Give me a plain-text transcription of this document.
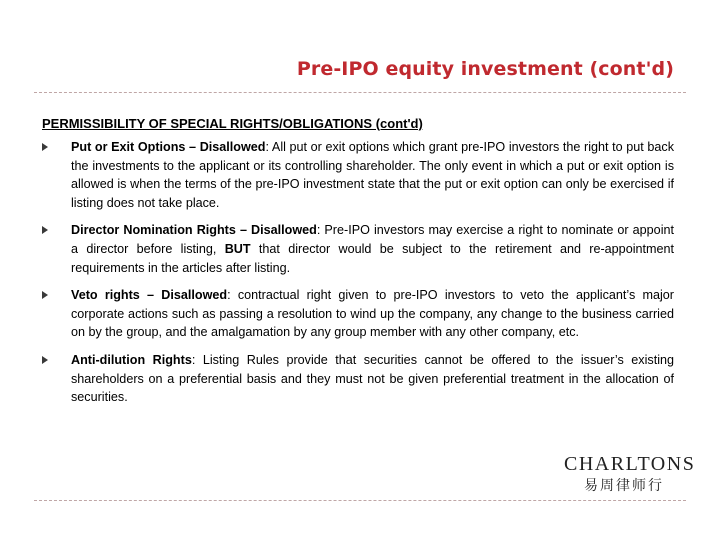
Pre-IPO equity investment (cont'd)
PERMISSIBILITY OF SPECIAL RIGHTS/OBLIGATIONS (cont'd)
Put or Exit Options – Disallowed: All put or exit options which grant pre-IPO investors the right to put back the investments to the applicant or its controlling shareholder. The only event in which a put or exit option is allowed is when the terms of the pre-IPO investment state that the put or exit option can only be exercised if listing does not take place.
Director Nomination Rights – Disallowed: Pre-IPO investors may exercise a right to nominate or appoint a director before listing, BUT that director would be subject to the retirement and re-appointment requirements in the articles after listing.
Veto rights – Disallowed: contractual right given to pre-IPO investors to veto the applicant’s major corporate actions such as passing a resolution to wind up the company, any change to the business carried on by the group, and the amalgamation by any group member with any other company, etc.
Anti-dilution Rights: Listing Rules provide that securities cannot be offered to the issuer’s existing shareholders on a preferential basis and they must not be given preferential treatment in the allocation of securities.
CHARLTONS
易周律师行
